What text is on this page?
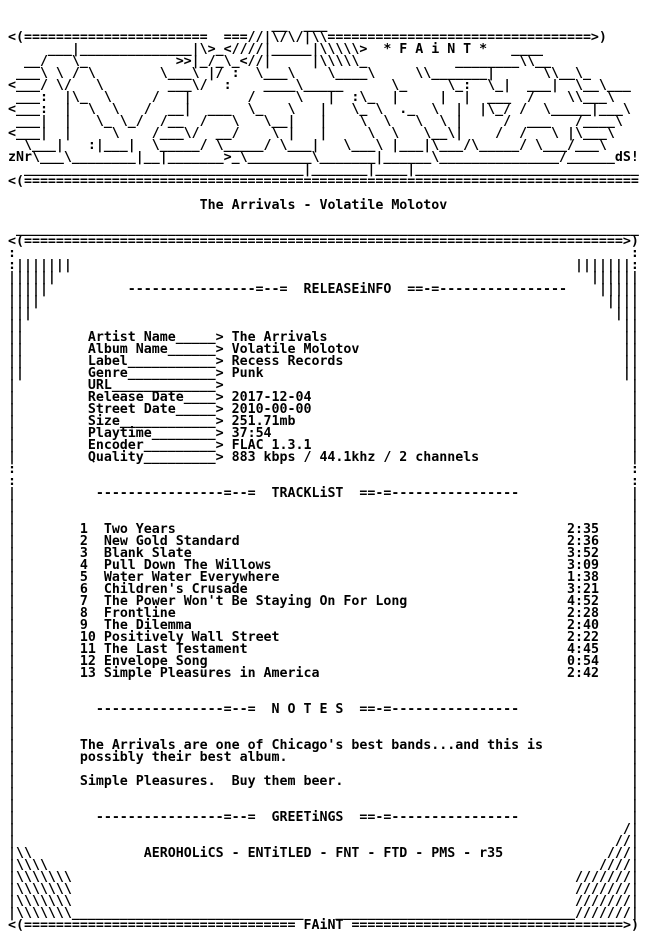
__  ___
<(=======================  ===//|\/\/|\\=================================>)
___|______________|\>_<////|_____|\\\\\>  * F A i N T *   ____
__/   \_           >>|_/_\_<//|     |\\\\\_           ________\\__
___\ \ / \        \___\ |/ :  \___\    \____\     \\_______|      \\__\_
<___/ \/   \        ___\/  :    ____\_____      \_     \_:  \_|  ___|  \__\___
___:  |\_  \     /   |       /     \   |  :\_  |     |  |  ___  /    \\___\
<___:  |  \  \   /  __|  ___  \_   \   |   \_ \  ._  \  |  |\_/ /  \_____|___\
___|  |   \_ \_/  /__  /   \   \__|   |    \  \   \  \ |     /  ___   /____\
<___|  |     \    /___\/  __/    \ |   |     \  \   \__\|    /  /   \ |\___\
\___|   :|___|  \_____/ \_____/ \___|   \___\ |___|\___/\_____/ \___/___\
zNr\___\________|__|_______>_\________\_______|______\_______________/______dS!
___________________________________|_______|____|____________________________
<(=============================================================================
The Arrivals - Volatile Molotov
______________________________________________________________________________
<(===========================================================================>)
:	:
:|||||||	|||||||:
||||||	||||||
|||||          ----------------=--=  RELEASEiNFO  ==-=---------------- |||||
||||	||||
|||	|||
||	||
||        Artist Name_____> The Arrivals	||
||        Album Name______> Volatile Molotov	||
||        Label___________> Recess Records	||
||        Genre___________> Punk	||
|         URL_____________>	|
|         Release Date____> 2017-12-04	|
|         Street Date_____> 2010-00-00	|
|         Size____________> 251.71mb	|
|         Playtime________> 37:54	|
|         Encoder_________> FLAC 1.3.1	|
|         Quality_________> 883 kbps / 44.1khz / 2 channels	|
:	:
:	:
|          ----------------=--=  TRACKLiST  ==-=----------------	|
|	|
|	|
|        1  Two Years	2:35 |
|        2  New Gold Standard	2:36 |
|        3  Blank Slate	3:52 |
|        4  Pull Down The Willows	3:09 |
|        5  Water Water Everywhere	1:38 |
|        6  Children's Crusade	3:21 |
|        7  The Power Won't Be Staying On For Long	4:52 |
|        8  Frontline	2:28 |
|        9  The Dilemma	2:40 |
|        10 Positively Wall Street	2:22 |
|        11 The Last Testament	4:45 |
|        12 Envelope Song	0:54 |
|        13 Simple Pleasures in America	2:42 |
|	|
|	|
|          ----------------=--=  N O T E S  ==-=----------------	|
|	|
|	|
|        The Arrivals are one of Chicago's best bands...and this is	|
|        possibly their best album.	|
|	|
|        Simple Pleasures.  Buy them beer.	|
|	|
|	|
|          ----------------=--=  GREETiNGS  ==-=----------------	|
|	/|
|	//|
|\\	AEROHOLiCS - ENTiTLED - FNT - FTD - PMS - r35	///|
|\\\\	////|
|\\\\\\\	///////|
|\\\\\\\	///////|
|\\\\\\\	///////|
|\\\\\\\_____________________________ ______________________________///////|
<(================================== FAiNT ==================================>)
